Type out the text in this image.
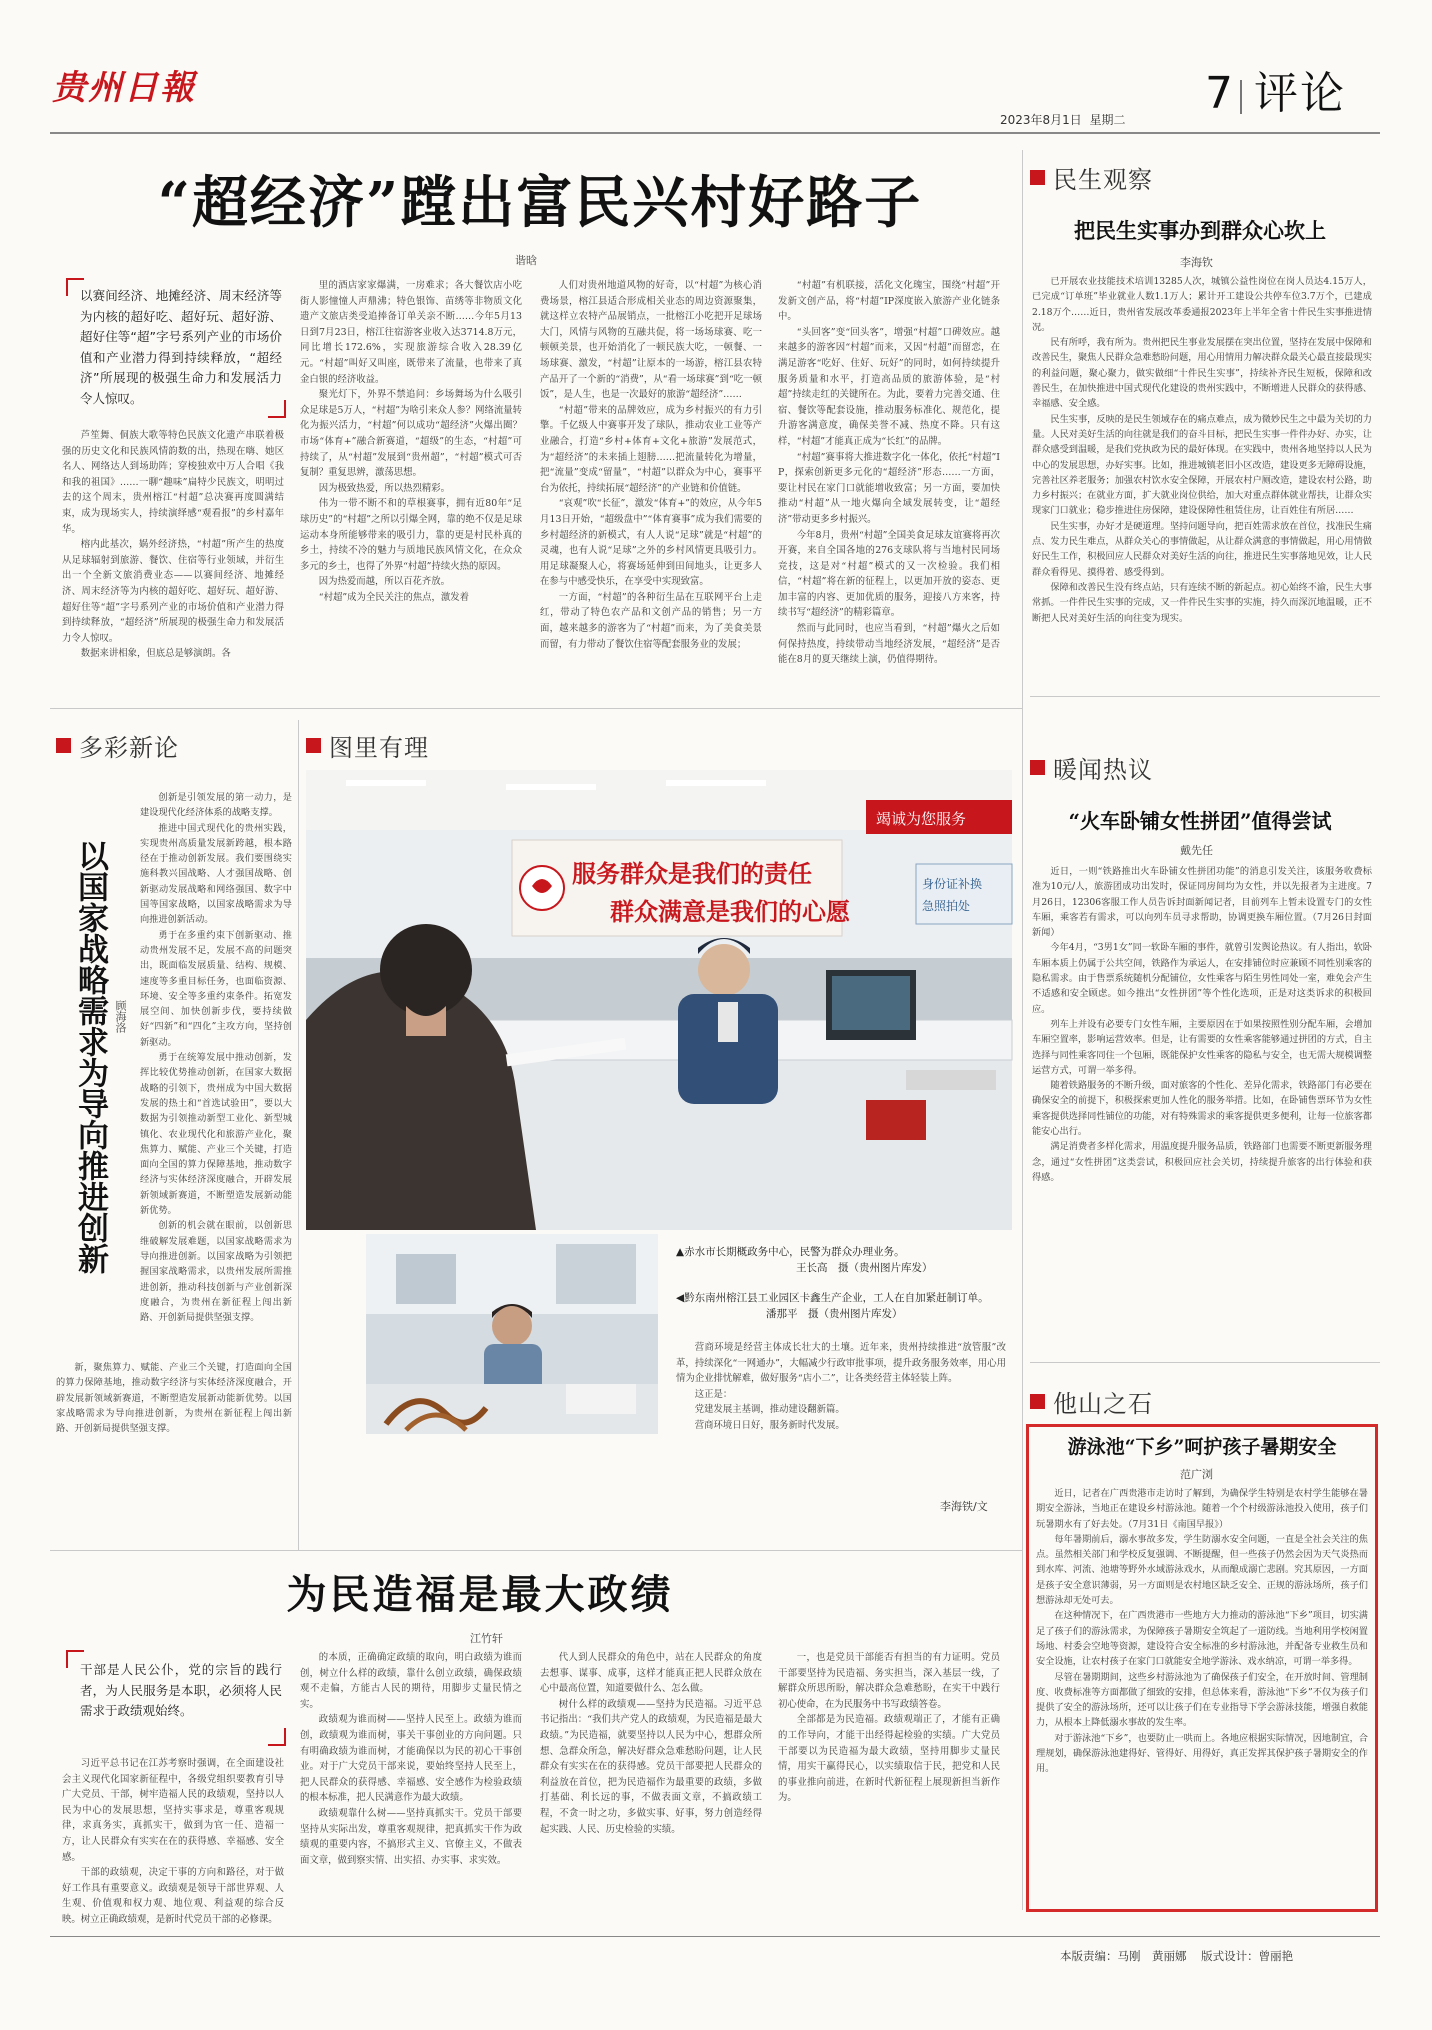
贵州日報
2023年8月1日 星期二
7 评论
“超经济”蹚出富民兴村好路子
谐晗
以赛间经济、地摊经济、周末经济等为内核的超好吃、超好玩、超好游、超好住等“超”字号系列产业的市场价值和产业潜力得到持续释放，“超经济”所展现的极强生命力和发展活力令人惊叹。

芦笙舞、侗族大歌等特色民族文化遗产串联着极强的历史文化和民族风情韵数的出，热现在嗨、她区名人、网络达人到场助阵；穿梭独欢中万人合唱《我和我的祖国》……一聊“趣味”扁特少民族文，明明过去的这个周末，贵州榕江“村超”总决赛再度圆满结束，成为现场实人，持续演绎感“观看报”的乡村嘉年华。

榕内此基次，娲外经济热，“村超”所产生的热度从足球辐射到旅游、餐饮、住宿等行业领域，并衍生出一个全新文旅消费业态——以赛间经济、地摊经济、周末经济等为内核的超好吃、超好玩、超好游、超好住等“超”字号系列产业的市场价值和产业潜力得到持续释放，“超经济”所展现的极强生命力和发展活力令人惊叹。

数据来讲相象，但底总是够演朗。各

里的酒店家家爆满，一房难求；各大餐饮店小吃街人影憧憧人声鼎沸；特色银饰、苗绣等非物质文化遗产文旅店类受追捧备订单关亲不断……今年5月13日到7月23日，榕江往宿游客业收入达3714.8万元，同比增长172.6%，实现旅游综合收入28.39亿元。“村超”叫好又叫座，既带来了流量，也带来了真金白银的经济收益。

聚光灯下，外界不禁追问：乡场舞场为什么吸引众足球是5万人，“村超”为啥引来众人参？网络流量转化为振兴活力，“村超”何以成功“超经济”火爆出圈？市场“体育+”融合新赛道，“超级”的生态，“村超”可持续了，从“村超”发展到“贵州超”，“村超”模式可否复制？重复思辨，激荡思想。

因为极致热爱，所以热烈精彩。

伟为一带不断不和的草根赛事，拥有近80年“足球历史”的“村超”之所以引爆全网，靠的绝不仅是足球运动本身所能够带来的吸引力，靠的更是村民朴真的乡土，持续不冷的魅力与质地民族风情文化，在众众多元的乡土，也得了外界“村超”持续火热的原因。

因为热爱而越，所以百花齐放。

“村超”成为全民关注的焦点，激发着

人们对贵州地道风物的好奇，以“村超”为核心消费场景，榕江县适合形成相关业态的周边资源聚集，就这样立农特产品展销点，一批榕江小吃把开足球场大门，风情与风物的互融共促，将一场场球赛、吃一顿顿美景，也开始消化了一顿民族大吃，一顿餐、一场球赛、激发，“村超”让原本的一场游，榕江县农特产品开了一个新的“消费”，从“看一场球赛”到“吃一顿饭”，是人生，也是一次最好的旅游“超经济”……

“村超”带来的品牌效应，成为乡村振兴的有力引擎。千亿级人中赛事开发了球队，推动农业工业等产业融合，打造“乡村+体育+文化+旅游”发展范式，为“超经济”的未来插上翅膀……把流量转化为增量，把“流量”变成“留量”，“村超”以群众为中心，赛事平台为依托，持续拓展“超经济”的产业链和价值链。

“哀观”吹“长征”，激发“体育+”的效应，从今年5月13日开始，“超级盘中”“体育赛事”成为我们需要的乡村超经济的新模式，有人人说“足球”就是“村超”的灵魂，也有人说“足球”之外的乡村风情更具吸引力。用足球凝聚人心，将赛场延伸到田间地头，让更多人在参与中感受快乐，在享受中实现致富。

一方面，“村超”的各种衍生品在互联网平台上走红，带动了特色农产品和文创产品的销售；另一方面，越来越多的游客为了“村超”而来，为了美食美景而留，有力带动了餐饮住宿等配套服务业的发展；

“村超”有机联接，活化文化瑰宝，围绕“村超”开发新文创产品，将“村超”IP深度嵌入旅游产业化链条中。

“头回客”变“回头客”，增强“村超”口碑效应。越来越多的游客因“村超”而来，又因“村超”而留恋，在满足游客“吃好、住好、玩好”的同时，如何持续提升服务质量和水平，打造高品质的旅游体验，是“村超”持续走红的关键所在。为此，要着力完善交通、住宿、餐饮等配套设施，推动服务标准化、规范化，提升游客满意度，确保美誉不减、热度不降。只有这样，“村超”才能真正成为“长红”的品牌。

“村超”赛事将大推进数字化一体化，依托“村超”IP，探索创新更多元化的“超经济”形态……一方面，要让村民在家门口就能增收致富；另一方面，要加快推动“村超”从一地火爆向全域发展转变，让“超经济”带动更多乡村振兴。

今年8月，贵州“村超”全国美食足球友谊赛将再次开赛，来自全国各地的276支球队将与当地村民同场竞技，这是对“村超”模式的又一次检验。我们相信，“村超”将在新的征程上，以更加开放的姿态、更加丰富的内容、更加优质的服务，迎接八方来客，持续书写“超经济”的精彩篇章。

然而与此同时，也应当看到，“村超”爆火之后如何保持热度，持续带动当地经济发展，“超经济”是否能在8月的夏天继续上演，仍值得期待。

民生观察
把民生实事办到群众心坎上
李海钦

已开展农业技能技术培训13285人次，城镇公益性岗位在岗人员达4.15万人，已完成“订单班”毕业就业人数1.1万人；累计开工建设公共停车位3.7万个，已建成2.18万个……近日，贵州省发展改革委通报2023年上半年全省十件民生实事推进情况。

民有所呼，我有所为。贵州把民生事业发展摆在突出位置，坚持在发展中保障和改善民生，聚焦人民群众急难愁盼问题，用心用情用力解决群众最关心最直接最现实的利益问题，聚心聚力，做实做细“十件民生实事”，持续补齐民生短板，保障和改善民生，在加快推进中国式现代化建设的贵州实践中，不断增进人民群众的获得感、幸福感、安全感。

民生实事，反映的是民生领域存在的痛点难点，成为微妙民生之中最为关切的力量。人民对美好生活的向往就是我们的奋斗目标，把民生实事一件件办好、办实，让群众感受到温暖，是我们党执政为民的最好体现。在实践中，贵州各地坚持以人民为中心的发展思想，办好实事。比如，推进城镇老旧小区改造，建设更多无障碍设施，完善社区养老服务；加强农村饮水安全保障，开展农村户厕改造，建设农村公路，助力乡村振兴；在就业方面，扩大就业岗位供给，加大对重点群体就业帮扶，让群众实现家门口就业；稳步推进住房保障，建设保障性租赁住房，让百姓住有所居……

民生实事，办好才是硬道理。坚持问题导向，把百姓需求放在首位，找准民生痛点、发力民生难点，从群众关心的事情做起，从让群众满意的事情做起，用心用情做好民生工作，积极回应人民群众对美好生活的向往，推进民生实事落地见效，让人民群众看得见、摸得着、感受得到。

保障和改善民生没有终点站，只有连续不断的新起点。初心始终不渝，民生大事常抓。一件件民生实事的完成，又一件件民生实事的实施，持久而深沉地温暖，正不断把人民对美好生活的向往变为现实。

多彩新论
以国家战略需求为导向推进创新 顾海洛

创新是引领发展的第一动力，是建设现代化经济体系的战略支撑。

推进中国式现代化的贵州实践，实现贵州高质量发展新跨越，根本路径在于推动创新发展。我们要围绕实施科教兴国战略、人才强国战略、创新驱动发展战略和网络强国、数字中国等国家战略，以国家战略需求为导向推进创新活动。

勇于在多重约束下创新驱动、推动贵州发展不足，发展不高的问题突出，既面临发展质量、结构、规模、速度等多重目标任务，也面临资源、环境、安全等多重约束条件。拓宽发展空间、加快创新步伐，要持续做好“四新”和“四化”主攻方向，坚持创新驱动。

勇于在统筹发展中推动创新，发挥比较优势推动创新，在国家大数据战略的引领下，贵州成为中国大数据发展的热土和“首选试验田”，要以大数据为引领推动新型工业化、新型城镇化、农业现代化和旅游产业化，聚焦算力、赋能、产业三个关键，打造面向全国的算力保障基地，推动数字经济与实体经济深度融合，开辟发展新领域新赛道，不断塑造发展新动能新优势。

创新的机会就在眼前，以创新思维破解发展难题，以国家战略需求为导向推进创新。以国家战略为引领把握国家战略需求，以贵州发展所需推进创新，推动科技创新与产业创新深度融合，为贵州在新征程上闯出新路、开创新局提供坚强支撑。

新，聚焦算力、赋能、产业三个关键，打造面向全国的算力保障基地，推动数字经济与实体经济深度融合，开辟发展新领域新赛道，不断塑造发展新动能新优势。以国家战略需求为导向推进创新，为贵州在新征程上闯出新路、开创新局提供坚强支撑。

图里有理
服务群众是我们的责任
群众满意是我们的心愿
竭诚为您服务
身份证补换
急照拍处
▲赤水市长期概政务中心，民警为群众办理业务。
王长高　摄（贵州图片库发）
◀黔东南州榕江县工业园区卡鑫生产企业，工人在自加紧赶制订单。
潘那平　摄（贵州图片库发）

营商环境是经营主体成长壮大的土壤。近年来，贵州持续推进“放管服”改革，持续深化“一网通办”，大幅减少行政审批事项，提升政务服务效率，用心用情为企业排忧解难，做好服务“店小二”，让各类经营主体轻装上阵。

这正是：

党建发展主基调，推动建设翻新篇。

营商环境日日好，服务新时代发展。

李海铁/文
暖闻热议
“火车卧铺女性拼团”值得尝试
戴先任

近日，一则“铁路推出火车卧铺女性拼团功能”的消息引发关注，该服务收费标准为10元/人，旅游团成功出发时，保证同房间均为女性，并以先报者为主进度。7月26日，12306客服工作人员告诉封面新闻记者，目前列车上暂未设置专门的女性车厢，乘客若有需求，可以向列车员寻求帮助，协调更换车厢位置。（7月26日封面新闻）

今年4月，“3男1女”同一软卧车厢的事件，就曾引发舆论热议。有人指出，软卧车厢本质上仍属于公共空间，铁路作为承运人，在安排铺位时应兼顾不同性别乘客的隐私需求。由于售票系统随机分配铺位，女性乘客与陌生男性同处一室，难免会产生不适感和安全顾虑。如今推出“女性拼团”等个性化选项，正是对这类诉求的积极回应。

列车上并设有必要专门女性车厢，主要原因在于如果按照性别分配车厢，会增加车厢空置率，影响运营效率。但是，让有需要的女性乘客能够通过拼团的方式，自主选择与同性乘客同住一个包厢，既能保护女性乘客的隐私与安全，也无需大规模调整运营方式，可谓一举多得。

随着铁路服务的不断升级，面对旅客的个性化、差异化需求，铁路部门有必要在确保安全的前提下，积极探索更加人性化的服务举措。比如，在卧铺售票环节为女性乘客提供选择同性铺位的功能，对有特殊需求的乘客提供更多便利，让每一位旅客都能安心出行。

满足消费者多样化需求，用温度提升服务品质，铁路部门也需要不断更新服务理念，通过“女性拼团”这类尝试，积极回应社会关切，持续提升旅客的出行体验和获得感。

为民造福是最大政绩
江竹轩
干部是人民公仆，党的宗旨的践行者，为人民服务是本职，必须将人民需求于政绩观始终。

习近平总书记在江苏考察时强调，在全面建设社会主义现代化国家新征程中，各级党组织要教育引导广大党员、干部，树牢造福人民的政绩观，坚持以人民为中心的发展思想，坚持实事求是，尊重客观规律，求真务实，真抓实干，做到为官一任、造福一方，让人民群众有实实在在的获得感、幸福感、安全感。

干部的政绩观，决定干事的方向和路径，对于做好工作具有重要意义。政绩观是领导干部世界观、人生观、价值观和权力观、地位观、利益观的综合反映。树立正确政绩观，是新时代党员干部的必修课。

的本质，正确确定政绩的取向，明白政绩为谁而创，树立什么样的政绩，靠什么创立政绩，确保政绩观不走偏，方能古人民的期待，用脚步丈量民情之实。

政绩观为谁而树——坚持人民至上。政绩为谁而创，政绩观为谁而树，事关干事创业的方向问题。只有明确政绩为谁而树，才能确保以为民的初心干事创业。对于广大党员干部来说，要始终坚持人民至上，把人民群众的获得感、幸福感、安全感作为检验政绩的根本标准，把人民满意作为最大政绩。

政绩观靠什么树——坚持真抓实干。党员干部要坚持从实际出发，尊重客观规律，把真抓实干作为政绩观的重要内容，不搞形式主义、官僚主义，不做表面文章，做到察实情、出实招、办实事、求实效。

代人到人民群众的角色中，站在人民群众的角度去想事、谋事、成事，这样才能真正把人民群众放在心中最高位置，知道要做什么、怎么做。

树什么样的政绩观——坚持为民造福。习近平总书记指出：“我们共产党人的政绩观，为民造福是最大政绩。”为民造福，就要坚持以人民为中心，想群众所想、急群众所急，解决好群众急难愁盼问题，让人民群众有实实在在的获得感。党员干部要把人民群众的利益放在首位，把为民造福作为最重要的政绩，多做打基础、利长远的事，不做表面文章，不搞政绩工程，不贪一时之功，多做实事、好事，努力创造经得起实践、人民、历史检验的实绩。

一，也是党员干部能否有担当的有力证明。党员干部要坚持为民造福、务实担当，深入基层一线，了解群众所思所盼，解决群众急难愁盼，在实干中践行初心使命，在为民服务中书写政绩答卷。

全部都是为民造福。政绩观端正了，才能有正确的工作导向，才能干出经得起检验的实绩。广大党员干部要以为民造福为最大政绩，坚持用脚步丈量民情，用实干赢得民心，以实绩取信于民，把党和人民的事业推向前进，在新时代新征程上展现新担当新作为。

他山之石
游泳池“下乡”呵护孩子暑期安全
范广浏

近日，记者在广西贵港市走访时了解到，为确保学生特别是农村学生能够在暑期安全游泳，当地正在建设乡村游泳池。随着一个个村级游泳池投入使用，孩子们玩暑期水有了好去处。（7月31日《南国早报》）

每年暑期前后，溺水事故多发，学生防溺水安全问题，一直是全社会关注的焦点。虽然相关部门和学校反复强调、不断提醒，但一些孩子仍然会因为天气炎热而到水库、河流、池塘等野外水域游泳戏水，从而酿成溺亡悲剧。究其原因，一方面是孩子安全意识薄弱，另一方面则是农村地区缺乏安全、正规的游泳场所，孩子们想游泳却无处可去。

在这种情况下，在广西贵港市一些地方大力推动的游泳池“下乡”项目，切实满足了孩子们的游泳需求，为保障孩子暑期安全筑起了一道防线。当地利用学校闲置场地、村委会空地等资源，建设符合安全标准的乡村游泳池，并配备专业救生员和安全设施，让农村孩子在家门口就能安全地学游泳、戏水纳凉，可谓一举多得。

尽管在暑期期间，这些乡村游泳池为了确保孩子们安全，在开放时间、管理制度、收费标准等方面都做了细致的安排，但总体来看，游泳池“下乡”不仅为孩子们提供了安全的游泳场所，还可以让孩子们在专业指导下学会游泳技能，增强自救能力，从根本上降低溺水事故的发生率。

对于游泳池“下乡”，也要防止一哄而上。各地应根据实际情况，因地制宜，合理规划，确保游泳池建得好、管得好、用得好，真正发挥其保护孩子暑期安全的作用。

本版责编：马刚　黄丽娜 版式设计：曾丽艳
